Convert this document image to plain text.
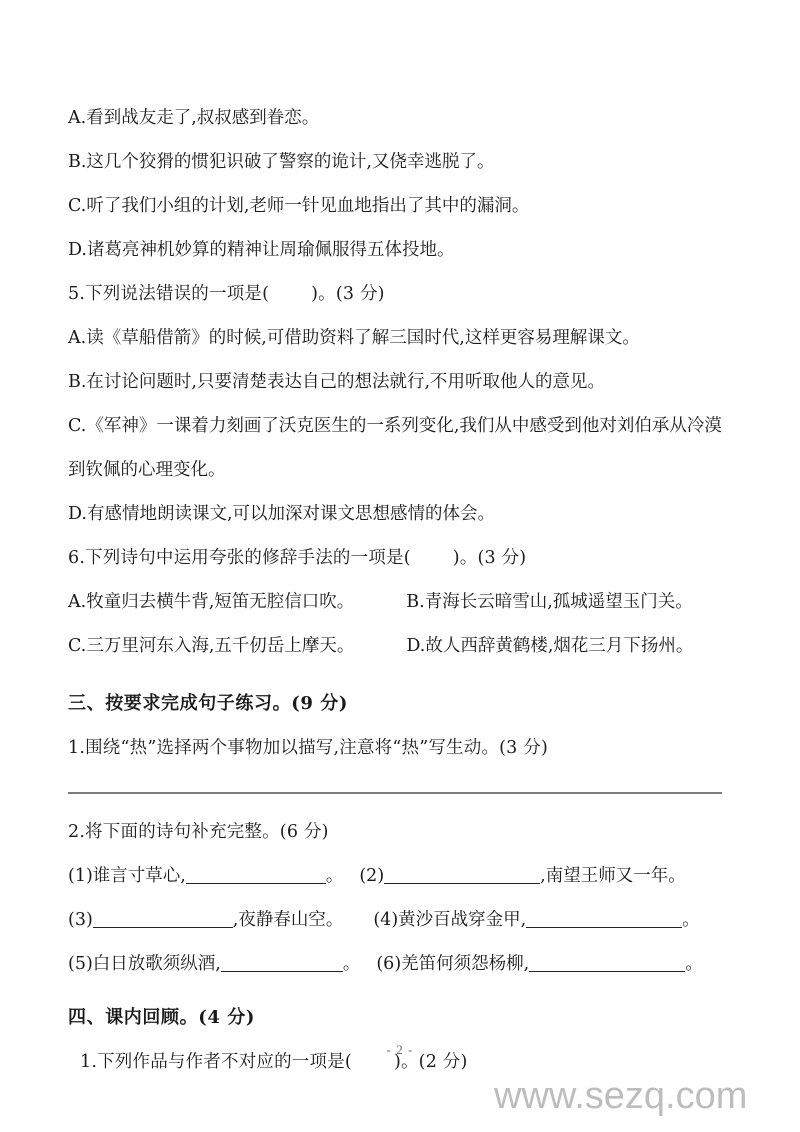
A.看到战友走了,叔叔感到眷恋。
B.这几个狡猾的惯犯识破了警察的诡计,又侥幸逃脱了。
C.听了我们小组的计划,老师一针见血地指出了其中的漏洞。
D.诸葛亮神机妙算的精神让周瑜佩服得五体投地。
5.下列说法错误的一项是( )。(3 分)
A.读《草船借箭》的时候,可借助资料了解三国时代,这样更容易理解课文。
B.在讨论问题时,只要清楚表达自己的想法就行,不用听取他人的意见。
C.《军神》一课着力刻画了沃克医生的一系列变化,我们从中感受到他对刘伯承从冷漠到钦佩的心理变化。
D.有感情地朗读课文,可以加深对课文思想感情的体会。
6.下列诗句中运用夸张的修辞手法的一项是( )。(3 分)
A.牧童归去横牛背,短笛无腔信口吹。	B.青海长云暗雪山,孤城遥望玉门关。
C.三万里河东入海,五千仞岳上摩天。	D.故人西辞黄鹤楼,烟花三月下扬州。
三、按要求完成句子练习。(9 分)
1.围绕“热”选择两个事物加以描写,注意将“热”写生动。(3 分)
2.将下面的诗句补充完整。(6 分)
(1)谁言寸草心,	。 (2)	,南望王师又一年。
(3)	,夜静春山空。 (4)黄沙百战穿金甲,	。
(5)白日放歌须纵酒,	。 (6)羌笛何须怨杨柳,	。
四、课内回顾。(4 分)
1.下列作品与作者不对应的一项是( )。(2 分)
- 2 -
www.sezq.com
